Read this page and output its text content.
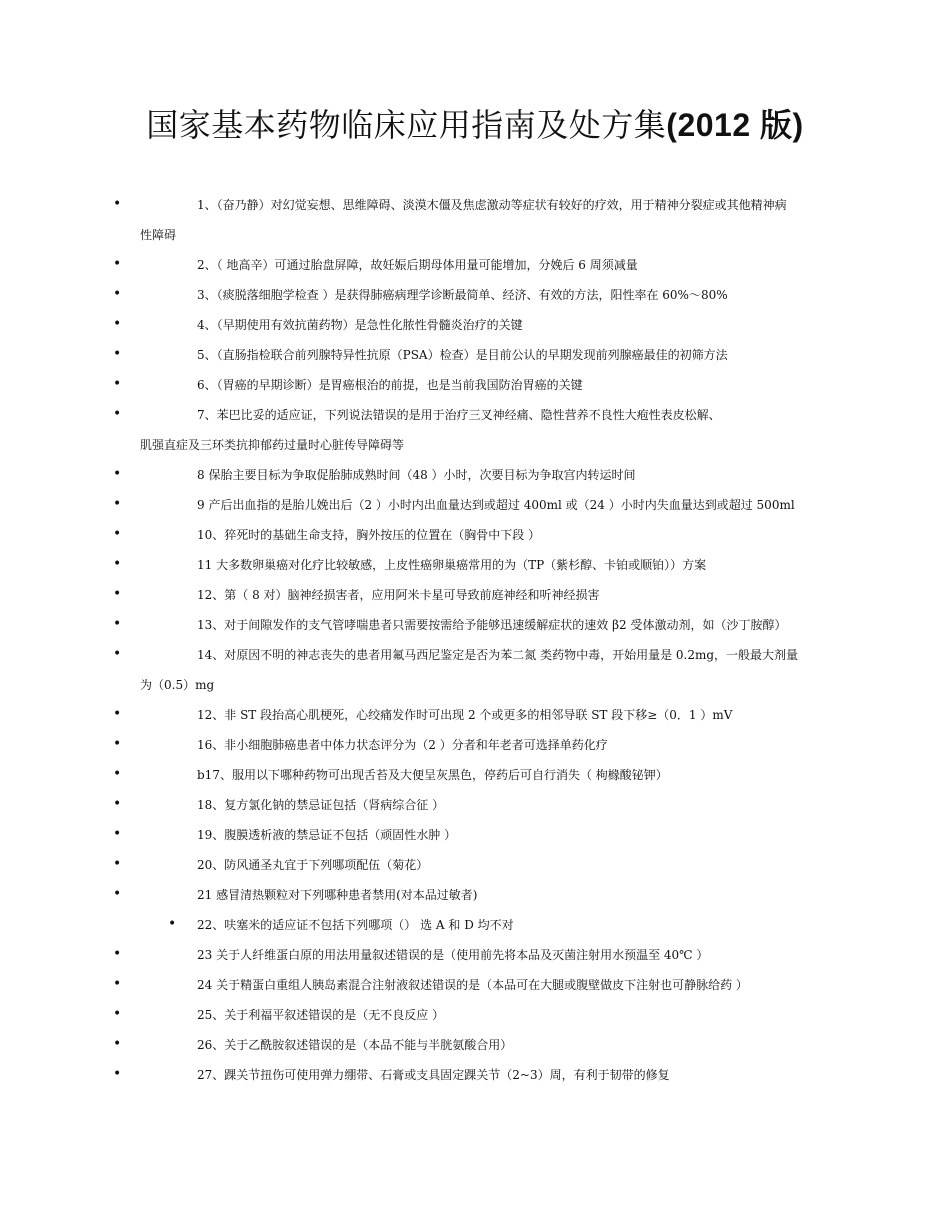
国家基本药物临床应用指南及处方集(2012 版)
•	1、（奋乃静）对幻觉妄想、思维障碍、淡漠木僵及焦虑激动等症状有较好的疗效，用于精神分裂症或其他精神病
性障碍
•	2、（ 地高辛）可通过胎盘屏障，故妊娠后期母体用量可能增加，分娩后 6 周须减量
•	3、（痰脱落细胞学检查 ）是获得肺癌病理学诊断最简单、经济、有效的方法，阳性率在 60%～80%
•	4、（早期使用有效抗菌药物）是急性化脓性骨髓炎治疗的关键
•	5、（直肠指检联合前列腺特异性抗原（PSA）检查）是目前公认的早期发现前列腺癌最佳的初筛方法
•	6、（胃癌的早期诊断）是胃癌根治的前提，也是当前我国防治胃癌的关键
•	7、苯巴比妥的适应证，下列说法错误的是用于治疗三叉神经痛、隐性营养不良性大疱性表皮松解、
肌强直症及三环类抗抑郁药过量时心脏传导障碍等
•	8 保胎主要目标为争取促胎肺成熟时间（48 ）小时，次要目标为争取宫内转运时间
•	9 产后出血指的是胎儿娩出后（2 ）小时内出血量达到或超过 400ml 或（24 ）小时内失血量达到或超过 500ml
•	10、猝死时的基础生命支持，胸外按压的位置在（胸骨中下段 ）
•	11 大多数卵巢癌对化疗比较敏感，上皮性癌卵巢癌常用的为（TP（紫杉醇、卡铂或顺铂））方案
•	12、第（ 8 对）脑神经损害者，应用阿米卡星可导致前庭神经和听神经损害
•	13、对于间隙发作的支气管哮喘患者只需要按需给予能够迅速缓解症状的速效 β2 受体激动剂，如（沙丁胺醇）
•	14、对原因不明的神志丧失的患者用氟马西尼鉴定是否为苯二氮 类药物中毒，开始用量是 0.2mg，一般最大剂量
为（0.5）mg
•	12、非 ST 段抬高心肌梗死，心绞痛发作时可出现 2 个或更多的相邻导联 ST 段下移≥（0．1 ）mV
•	16、非小细胞肺癌患者中体力状态评分为（2 ）分者和年老者可选择单药化疗
•	b17、服用以下哪种药物可出现舌苔及大便呈灰黑色，停药后可自行消失（ 枸橼酸铋钾）
•	18、复方氯化钠的禁忌证包括（肾病综合征 ）
•	19、腹膜透析液的禁忌证不包括（顽固性水肿 ）
•	20、防风通圣丸宜于下列哪项配伍（菊花）
•	21 感冒清热颗粒对下列哪种患者禁用(对本品过敏者)
•	22、呋塞米的适应证不包括下列哪项（） 选 A 和 D 均不对
•	23 关于人纤维蛋白原的用法用量叙述错误的是（使用前先将本品及灭菌注射用水预温至 40℃ ）
•	24 关于精蛋白重组人胰岛素混合注射液叙述错误的是（本品可在大腿或腹壁做皮下注射也可静脉给药 ）
•	25、关于利福平叙述错误的是（无不良反应 ）
•	26、关于乙酰胺叙述错误的是（本品不能与半胱氨酸合用）
•	27、踝关节扭伤可使用弹力绷带、石膏或支具固定踝关节（2~3）周，有利于韧带的修复
